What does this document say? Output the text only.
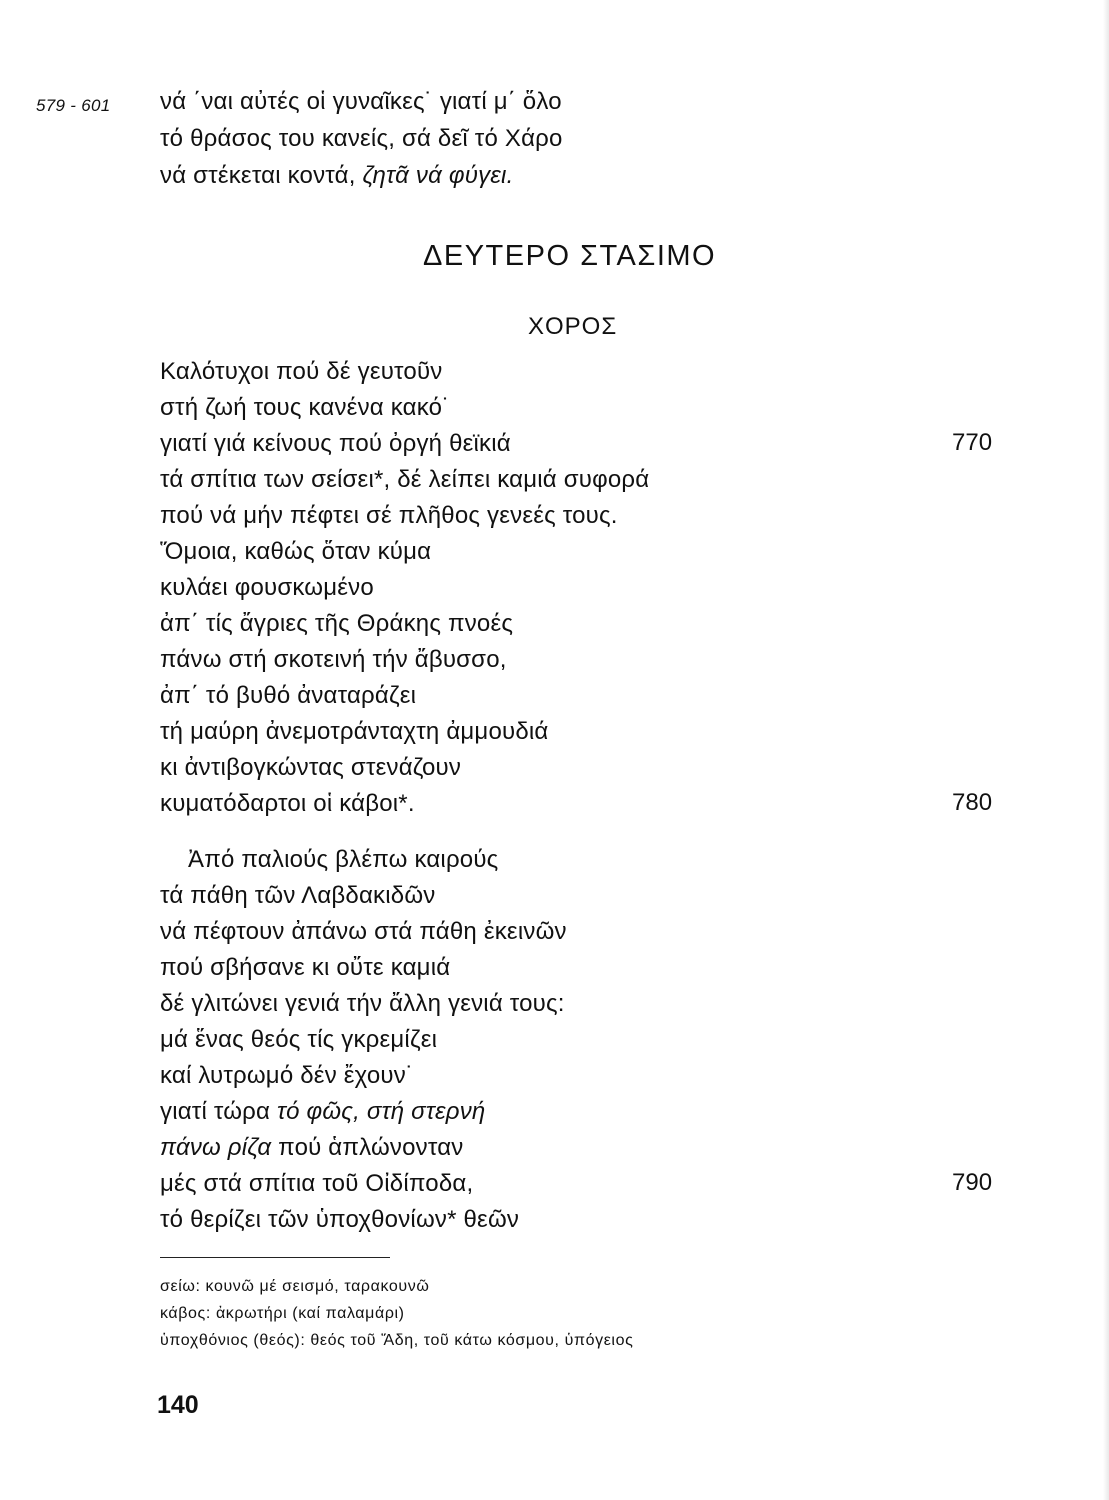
579 - 601 νά ΄ναι αὐτές οἱ γυναῖκες˙ γιατί μ΄ ὅλο
τό θράσος του κανείς, σά δεῖ τό Χάρο
νά στέκεται κοντά, ζητᾶ νά φύγει.
ΔΕΥΤΕΡΟ ΣΤΑΣΙΜΟ
ΧΟΡΟΣ
Καλότυχοι πού δέ γευτοῦν
στή ζωή τους κανένα κακό˙
γιατί γιά κείνους πού ὀργή θεϊκιά
τά σπίτια των σείσει*, δέ λείπει καμιά συφορά
πού νά μήν πέφτει σέ πλῆθος γενεές τους.
Ὅμοια, καθώς ὅταν κύμα
κυλάει φουσκωμένο
ἀπ΄ τίς ἄγριες τῆς Θράκης πνοές
πάνω στή σκοτεινή τήν ἄβυσσο,
ἀπ΄ τό βυθό ἀναταράζει
τή μαύρη ἀνεμοτράνταχτη ἀμμουδιά
κι ἀντιβογκώντας στενάζουν
κυματόδαρτοι οἱ κάβοι*.
Ἀπό παλιούς βλέπω καιρούς
τά πάθη τῶν Λαβδακιδῶν
νά πέφτουν ἀπάνω στά πάθη ἐκεινῶν
πού σβήσανε κι οὔτε καμιά
δέ γλιτώνει γενιά τήν ἄλλη γενιά τους:
μά ἕνας θεός τίς γκρεμίζει
καί λυτρωμό δέν ἔχουν˙
γιατί τώρα τό φῶς, στή στερνή
πάνω ρίζα πού ἁπλώνονταν
μές στά σπίτια τοῦ Οἰδίποδα,
τό θερίζει τῶν ὑποχθονίων* θεῶν
770
780
790
σείω: κουνῶ μέ σεισμό, ταρακουνῶ
κάβος: ἀκρωτήρι (καί παλαμάρι)
ὑποχθόνιος (θεός): θεός τοῦ Ἅδη, τοῦ κάτω κόσμου, ὑπόγειος
140
